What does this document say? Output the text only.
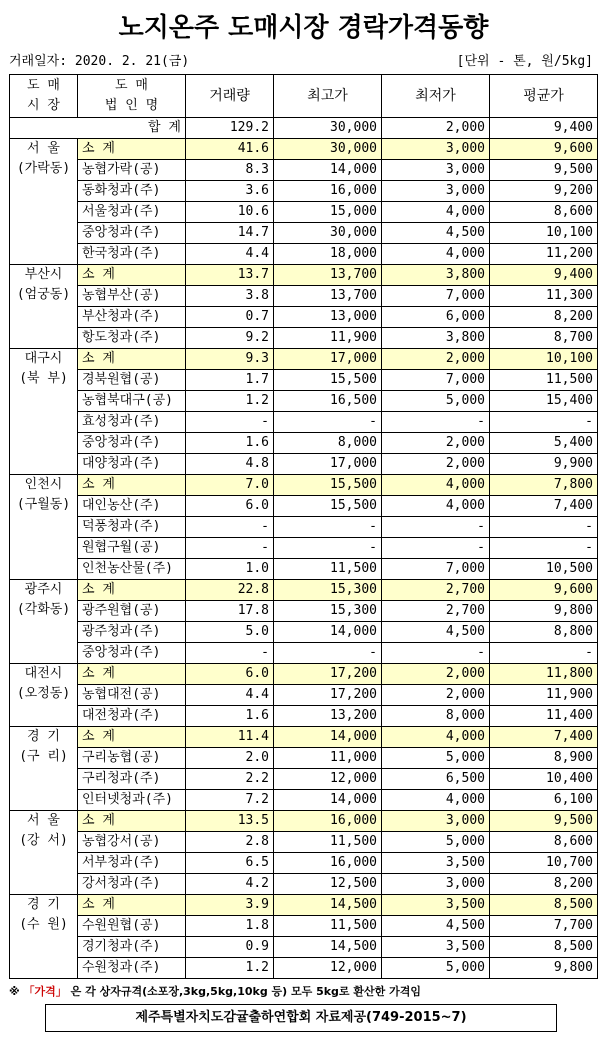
노지온주 도매시장 경락가격동향
거래일자: 2020. 2. 21(금)	[단위 - 톤, 원/5kg]
도 매
시 장	도 매
법 인 명	거래량	최고가	최저가	평균가
합 계		129.2	30,000	2,000	9,400

서 울
(가락동)	소 계	41.6	30,000	3,000	9,600
	농협가락(공)	8.3	14,000	3,000	9,500
	동화청과(주)	3.6	16,000	3,000	9,200
	서울청과(주)	10.6	15,000	4,000	8,600
	중앙청과(주)	14.7	30,000	4,500	10,100
	한국청과(주)	4.4	18,000	4,000	11,200

부산시
(엄궁동)	소 계	13.7	13,700	3,800	9,400
	농협부산(공)	3.8	13,700	7,000	11,300
	부산청과(주)	0.7	13,000	6,000	8,200
	항도청과(주)	9.2	11,900	3,800	8,700

대구시
(북 부)	소 계	9.3	17,000	2,000	10,100
	경북원협(공)	1.7	15,500	7,000	11,500
	농협북대구(공)	1.2	16,500	5,000	15,400
	효성청과(주)	-	-	-	-
	중앙청과(주)	1.6	8,000	2,000	5,400
	대양청과(주)	4.8	17,000	2,000	9,900

인천시
(구월동)	소 계	7.0	15,500	4,000	7,800
	대인농산(주)	6.0	15,500	4,000	7,400
	덕풍청과(주)	-	-	-	-
	원협구월(공)	-	-	-	-
	인천농산물(주)	1.0	11,500	7,000	10,500

광주시
(각화동)	소 계	22.8	15,300	2,700	9,600
	광주원협(공)	17.8	15,300	2,700	9,800
	광주청과(주)	5.0	14,000	4,500	8,800
	중앙청과(주)	-	-	-	-

대전시
(오정동)	소 계	6.0	17,200	2,000	11,800
	농협대전(공)	4.4	17,200	2,000	11,900
	대전청과(주)	1.6	13,200	8,000	11,400

경 기
(구 리)	소 계	11.4	14,000	4,000	7,400
	구리농협(공)	2.0	11,000	5,000	8,900
	구리청과(주)	2.2	12,000	6,500	10,400
	인터넷청과(주)	7.2	14,000	4,000	6,100

서 울
(강 서)	소 계	13.5	16,000	3,000	9,500
	농협강서(공)	2.8	11,500	5,000	8,600
	서부청과(주)	6.5	16,000	3,500	10,700
	강서청과(주)	4.2	12,500	3,000	8,200

경 기
(수 원)	소 계	3.9	14,500	3,500	8,500
	수원원협(공)	1.8	11,500	4,500	7,700
	경기청과(주)	0.9	14,500	3,500	8,500
	수원청과(주)	1.2	12,000	5,000	9,800
※ 「가격」 은 각 상자규격(소포장,3kg,5kg,10kg 등) 모두 5kg로 환산한 가격임
제주특별자치도감귤출하연합회 자료제공(749-2015~7)
